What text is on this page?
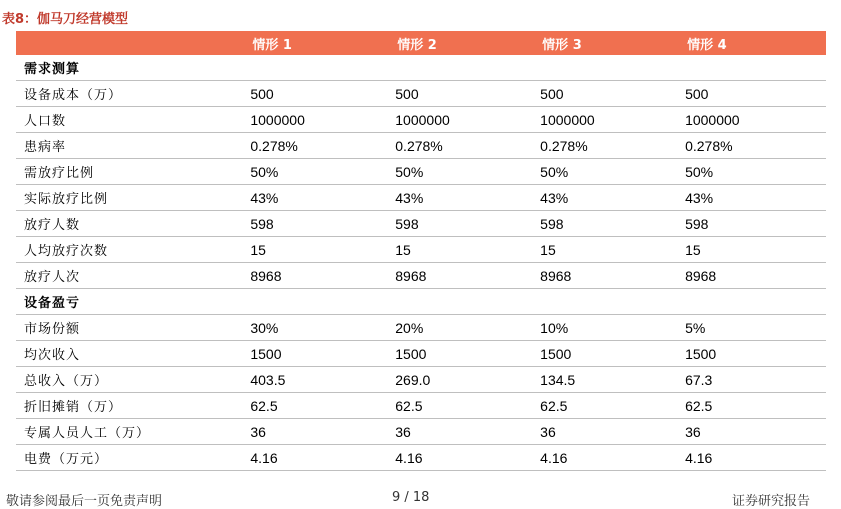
表8：伽马刀经营模型
	情形 1	情形 2	情形 3	情形 4
需求测算				
设备成本（万）	500	500	500	500
人口数	1000000	1000000	1000000	1000000
患病率	0.278%	0.278%	0.278%	0.278%
需放疗比例	50%	50%	50%	50%
实际放疗比例	43%	43%	43%	43%
放疗人数	598	598	598	598
人均放疗次数	15	15	15	15
放疗人次	8968	8968	8968	8968
设备盈亏				
市场份额	30%	20%	10%	5%
均次收入	1500	1500	1500	1500
总收入（万）	403.5	269.0	134.5	67.3
折旧摊销（万）	62.5	62.5	62.5	62.5
专属人员人工（万）	36	36	36	36
电费（万元）	4.16	4.16	4.16	4.16
敬请参阅最后一页免责声明	9 / 18	证券研究报告
